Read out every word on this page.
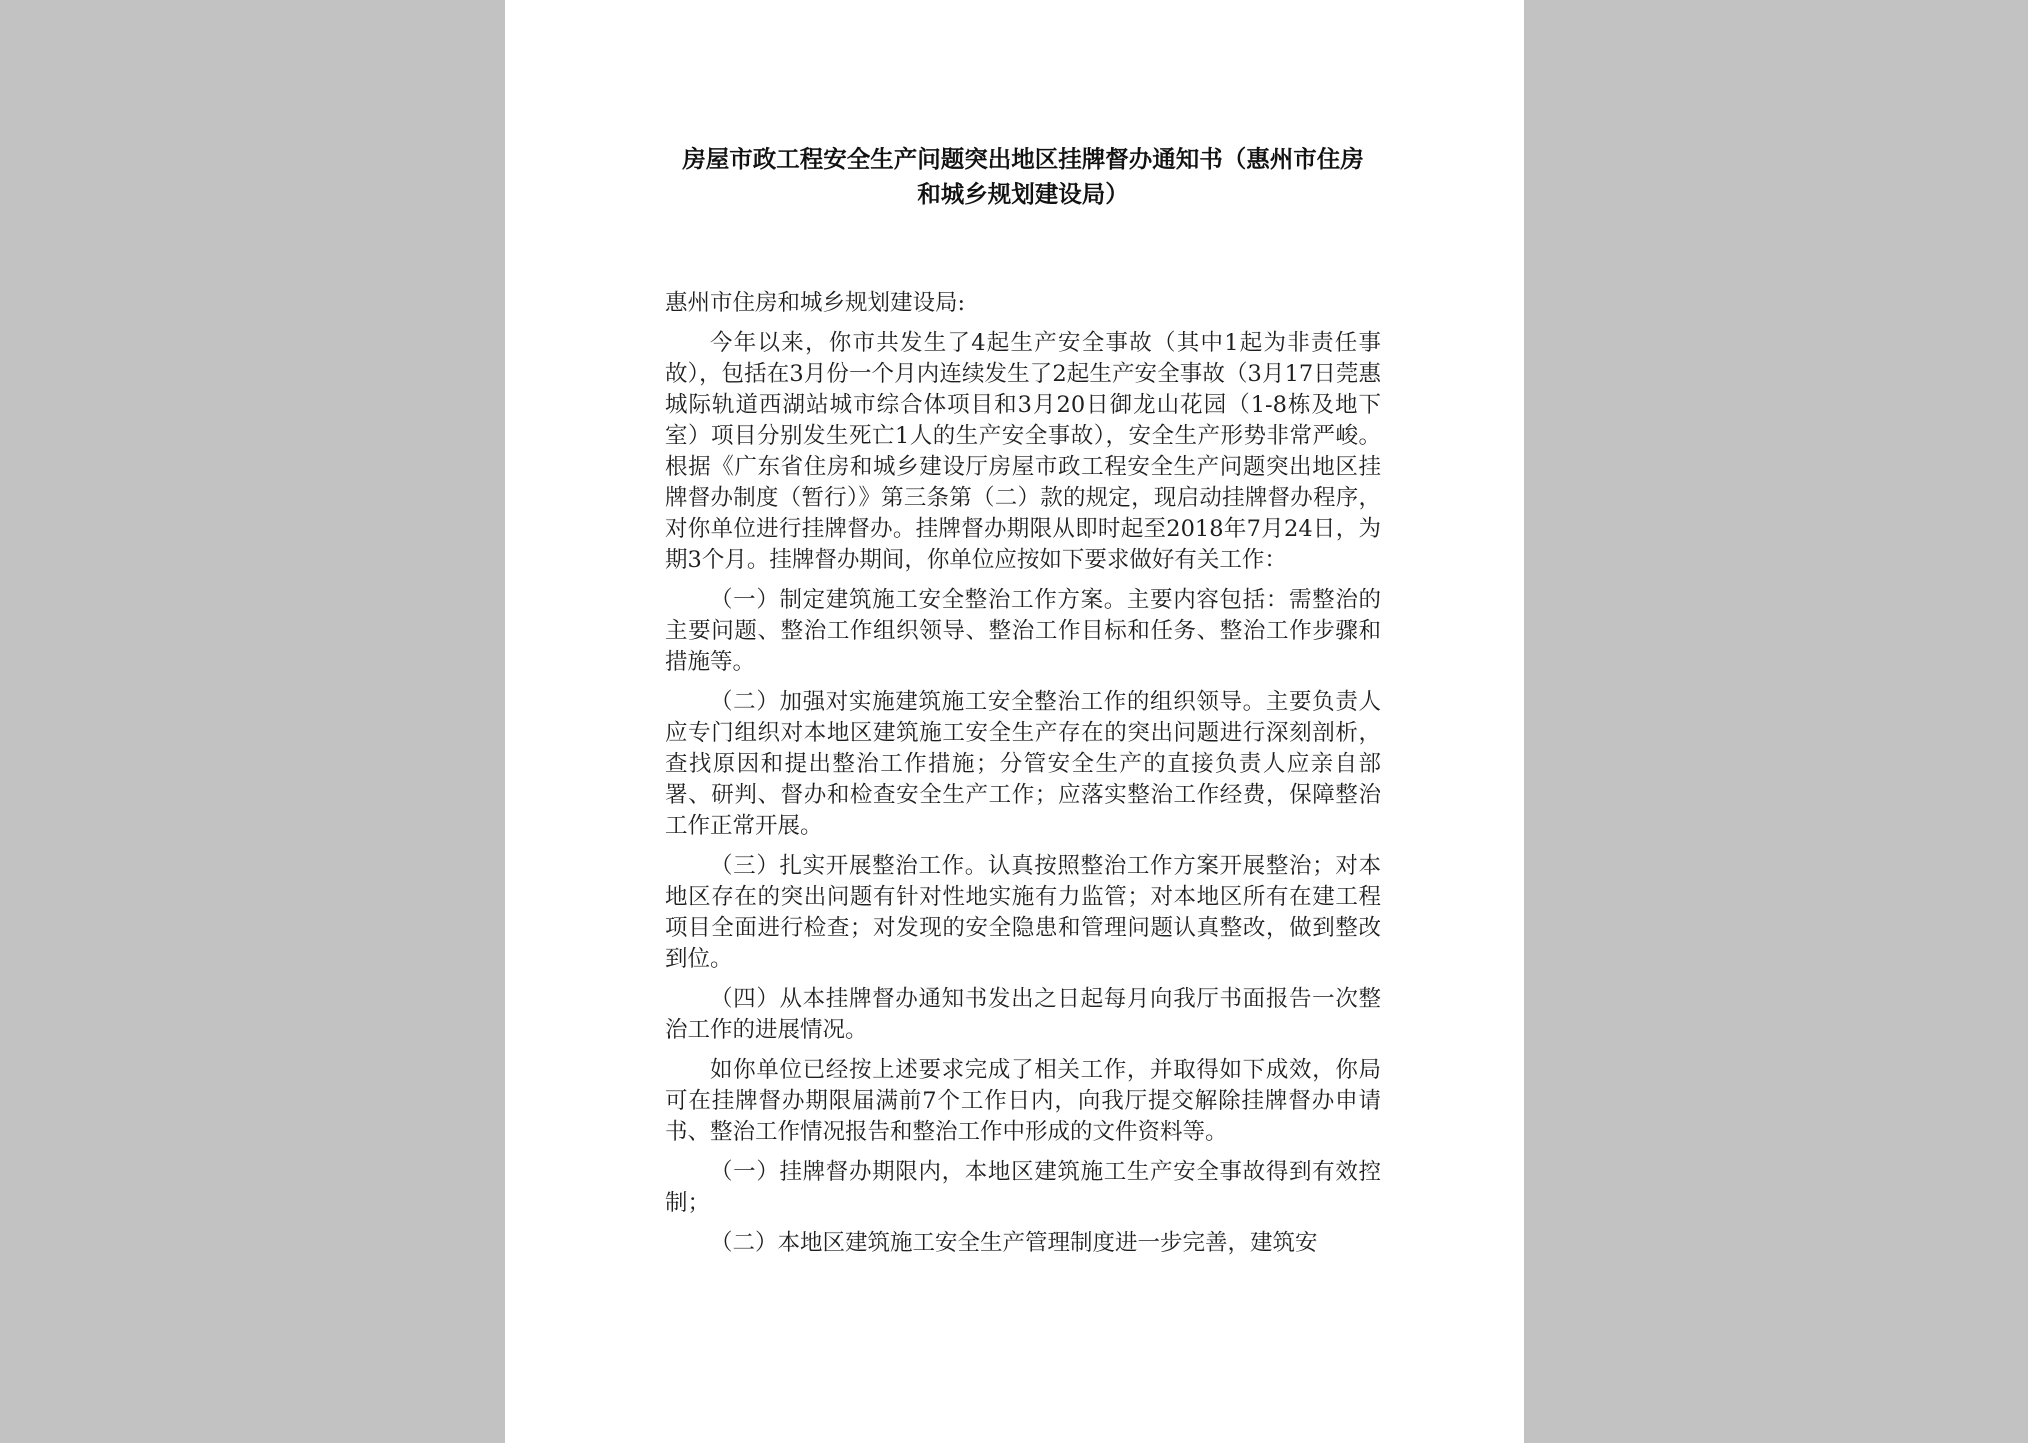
房屋市政工程安全生产问题突出地区挂牌督办通知书（惠州市住房
和城乡规划建设局）

惠州市住房和城乡规划建设局:

今年以来，你市共发生了4起生产安全事故（其中1起为非责任事故），包括在3月份一个月内连续发生了2起生产安全事故（3月17日莞惠城际轨道西湖站城市综合体项目和3月20日御龙山花园（1-8栋及地下室）项目分别发生死亡1人的生产安全事故），安全生产形势非常严峻。根据《广东省住房和城乡建设厅房屋市政工程安全生产问题突出地区挂牌督办制度（暂行）》第三条第（二）款的规定，现启动挂牌督办程序，对你单位进行挂牌督办。挂牌督办期限从即时起至2018年7月24日，为期3个月。挂牌督办期间，你单位应按如下要求做好有关工作：

（一）制定建筑施工安全整治工作方案。主要内容包括：需整治的主要问题、整治工作组织领导、整治工作目标和任务、整治工作步骤和措施等。

（二）加强对实施建筑施工安全整治工作的组织领导。主要负责人应专门组织对本地区建筑施工安全生产存在的突出问题进行深刻剖析，查找原因和提出整治工作措施；分管安全生产的直接负责人应亲自部署、研判、督办和检查安全生产工作；应落实整治工作经费，保障整治工作正常开展。

（三）扎实开展整治工作。认真按照整治工作方案开展整治；对本地区存在的突出问题有针对性地实施有力监管；对本地区所有在建工程项目全面进行检查；对发现的安全隐患和管理问题认真整改，做到整改到位。

（四）从本挂牌督办通知书发出之日起每月向我厅书面报告一次整治工作的进展情况。

如你单位已经按上述要求完成了相关工作，并取得如下成效，你局可在挂牌督办期限届满前7个工作日内，向我厅提交解除挂牌督办申请书、整治工作情况报告和整治工作中形成的文件资料等。

（一）挂牌督办期限内，本地区建筑施工生产安全事故得到有效控制；

（二）本地区建筑施工安全生产管理制度进一步完善，建筑安
